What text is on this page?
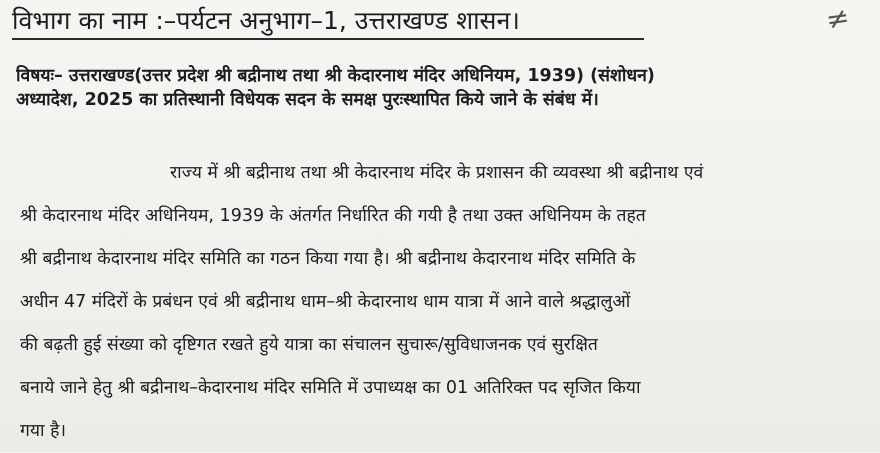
विभाग का नाम :–पर्यटन अनुभाग–1, उत्तराखण्ड शासन।	≠
विषयः– उत्तराखण्ड(उत्तर प्रदेश श्री बद्रीनाथ तथा श्री केदारनाथ मंदिर अधिनियम, 1939) (संशोधन)
अध्यादेश, 2025 का प्रतिस्थानी विधेयक सदन के समक्ष पुरःस्थापित किये जाने के संबंध में।
राज्य में श्री बद्रीनाथ तथा श्री केदारनाथ मंदिर के प्रशासन की व्यवस्था श्री बद्रीनाथ एवं
श्री केदारनाथ मंदिर अधिनियम, 1939 के अंतर्गत निर्धारित की गयी है तथा उक्त अधिनियम के तहत
श्री बद्रीनाथ केदारनाथ मंदिर समिति का गठन किया गया है। श्री बद्रीनाथ केदारनाथ मंदिर समिति के
अधीन 47 मंदिरों के प्रबंधन एवं श्री बद्रीनाथ धाम–श्री केदारनाथ धाम यात्रा में आने वाले श्रद्धालुओं
की बढ़ती हुई संख्या को दृष्टिगत रखते हुये यात्रा का संचालन सुचारू/सुविधाजनक एवं सुरक्षित
बनाये जाने हेतु श्री बद्रीनाथ–केदारनाथ मंदिर समिति में उपाध्यक्ष का 01 अतिरिक्त पद सृजित किया
गया है।
